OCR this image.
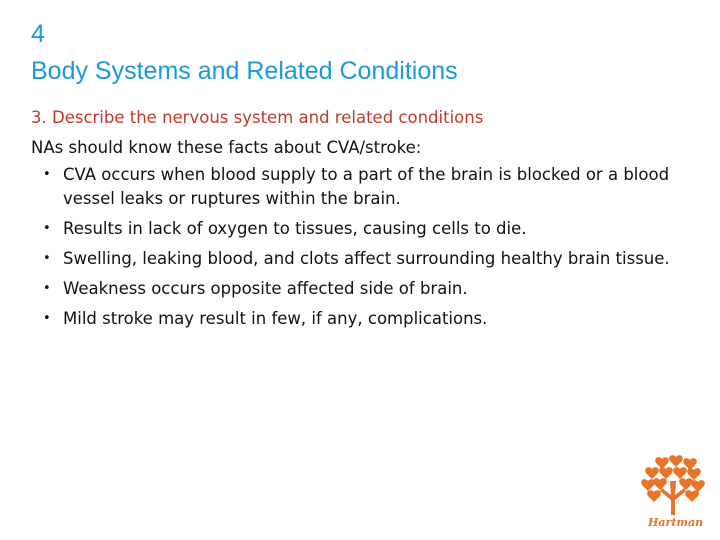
4
Body Systems and Related Conditions
3. Describe the nervous system and related conditions
NAs should know these facts about CVA/stroke:
• CVA occurs when blood supply to a part of the brain is blocked or a blood vessel leaks or ruptures within the brain.
• Results in lack of oxygen to tissues, causing cells to die.
• Swelling, leaking blood, and clots affect surrounding healthy brain tissue.
• Weakness occurs opposite affected side of brain.
• Mild stroke may result in few, if any, complications.
Hartman
